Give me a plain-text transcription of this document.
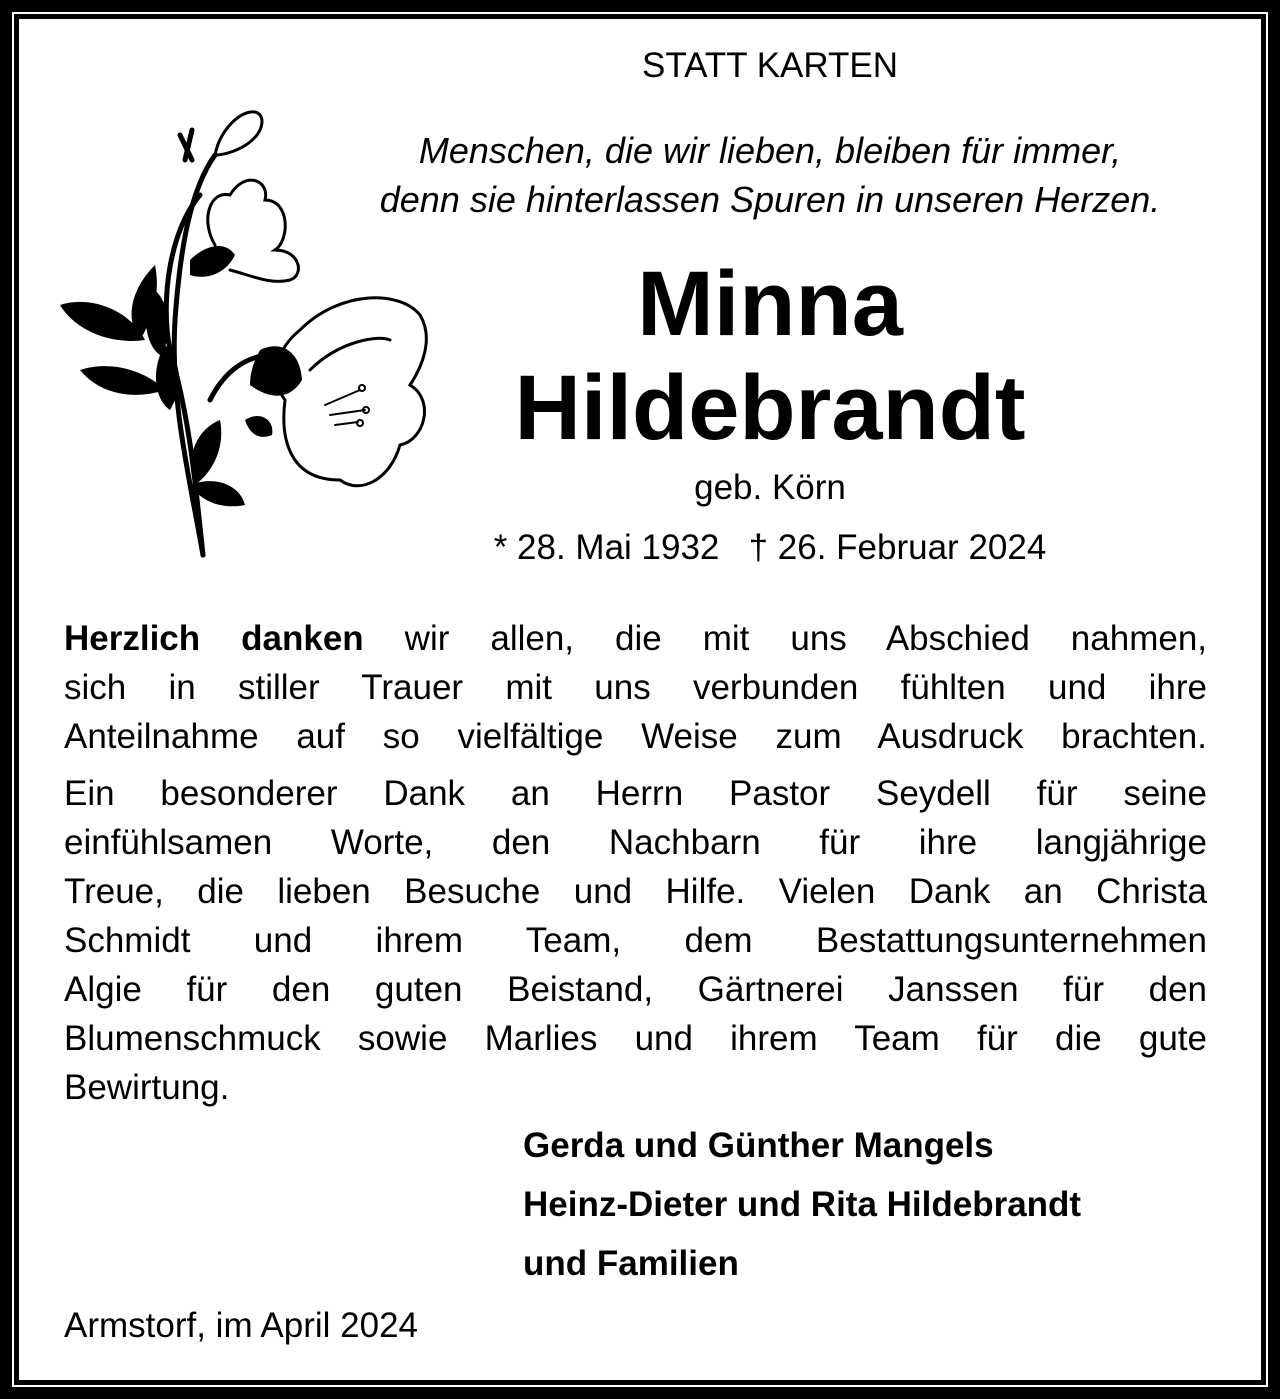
STATT KARTEN
Menschen, die wir lieben, bleiben für immer,
denn sie hinterlassen Spuren in unseren Herzen.
Minna
Hildebrandt
geb. Körn
* 28. Mai 1932 † 26. Februar 2024
Herzlich danken wir allen, die mit uns Abschied nahmen,
sich in stiller Trauer mit uns verbunden fühlten und ihre
Anteilnahme auf so vielfältige Weise zum Ausdruck brachten.
Ein besonderer Dank an Herrn Pastor Seydell für seine
einfühlsamen Worte, den Nachbarn für ihre langjährige
Treue, die lieben Besuche und Hilfe. Vielen Dank an Christa
Schmidt und ihrem Team, dem Bestattungsunternehmen
Algie für den guten Beistand, Gärtnerei Janssen für den
Blumenschmuck sowie Marlies und ihrem Team für die gute
Bewirtung.
Gerda und Günther Mangels
Heinz-Dieter und Rita Hildebrandt
und Familien
Armstorf, im April 2024
